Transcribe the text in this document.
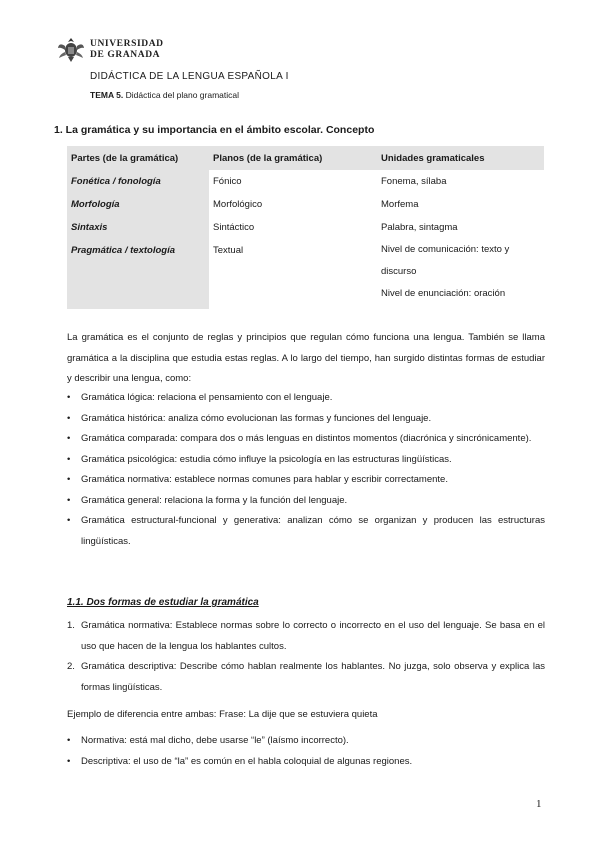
UNIVERSIDAD
DE GRANADA
DIDÁCTICA DE LA LENGUA ESPAÑOLA I
TEMA 5. Didáctica del plano gramatical
1. La gramática y su importancia en el ámbito escolar. Concepto
Partes (de la gramática)	Planos (de la gramática)	Unidades gramaticales
Fonética / fonología	Fónico	Fonema, sílaba
Morfología	Morfológico	Morfema
Sintaxis	Sintáctico	Palabra, sintagma
Pragmática / textología	Textual	Nivel de comunicación: texto y discurso
Nivel de enunciación: oración
La gramática es el conjunto de reglas y principios que regulan cómo funciona una lengua. También se llama gramática a la disciplina que estudia estas reglas. A lo largo del tiempo, han surgido distintas formas de estudiar y describir una lengua, como:
• Gramática lógica: relaciona el pensamiento con el lenguaje.
• Gramática histórica: analiza cómo evolucionan las formas y funciones del lenguaje.
• Gramática comparada: compara dos o más lenguas en distintos momentos (diacrónica y sincrónicamente).
• Gramática psicológica: estudia cómo influye la psicología en las estructuras lingüísticas.
• Gramática normativa: establece normas comunes para hablar y escribir correctamente.
• Gramática general: relaciona la forma y la función del lenguaje.
• Gramática estructural-funcional y generativa: analizan cómo se organizan y producen las estructuras lingüísticas.
1.1. Dos formas de estudiar la gramática
1. Gramática normativa: Establece normas sobre lo correcto o incorrecto en el uso del lenguaje. Se basa en el uso que hacen de la lengua los hablantes cultos.
2. Gramática descriptiva: Describe cómo hablan realmente los hablantes. No juzga, solo observa y explica las formas lingüísticas.
Ejemplo de diferencia entre ambas: Frase: La dije que se estuviera quieta
• Normativa: está mal dicho, debe usarse “le” (laísmo incorrecto).
• Descriptiva: el uso de “la” es común en el habla coloquial de algunas regiones.
1
